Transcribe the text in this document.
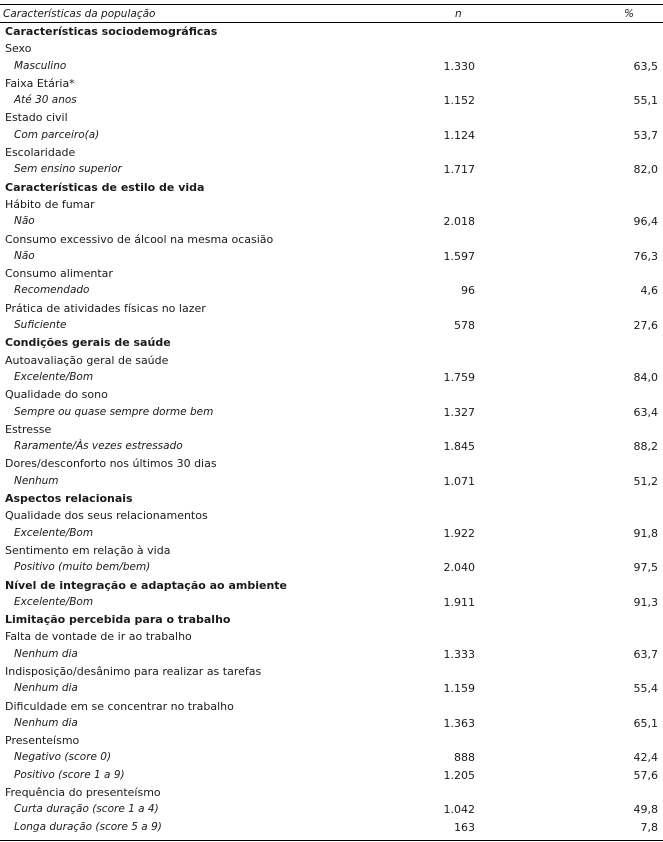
Características da população	n	%
Características sociodemográficas
Sexo
Masculino	1.330	63,5
Faixa Etária*
Até 30 anos	1.152	55,1
Estado civil
Com parceiro(a)	1.124	53,7
Escolaridade
Sem ensino superior	1.717	82,0
Características de estilo de vida
Hábito de fumar
Não	2.018	96,4
Consumo excessivo de álcool na mesma ocasião
Não	1.597	76,3
Consumo alimentar
Recomendado	96	4,6
Prática de atividades físicas no lazer
Suficiente	578	27,6
Condições gerais de saúde
Autoavaliação geral de saúde
Excelente/Bom	1.759	84,0
Qualidade do sono
Sempre ou quase sempre dorme bem	1.327	63,4
Estresse
Raramente/Às vezes estressado	1.845	88,2
Dores/desconforto nos últimos 30 dias
Nenhum	1.071	51,2
Aspectos relacionais
Qualidade dos seus relacionamentos
Excelente/Bom	1.922	91,8
Sentimento em relação à vida
Positivo (muito bem/bem)	2.040	97,5
Nível de integração e adaptação ao ambiente
Excelente/Bom	1.911	91,3
Limitação percebida para o trabalho
Falta de vontade de ir ao trabalho
Nenhum dia	1.333	63,7
Indisposição/desânimo para realizar as tarefas
Nenhum dia	1.159	55,4
Dificuldade em se concentrar no trabalho
Nenhum dia	1.363	65,1
Presenteísmo
Negativo (score 0)	888	42,4
Positivo (score 1 a 9)	1.205	57,6
Frequência do presenteísmo
Curta duração (score 1 a 4)	1.042	49,8
Longa duração (score 5 a 9)	163	7,8
